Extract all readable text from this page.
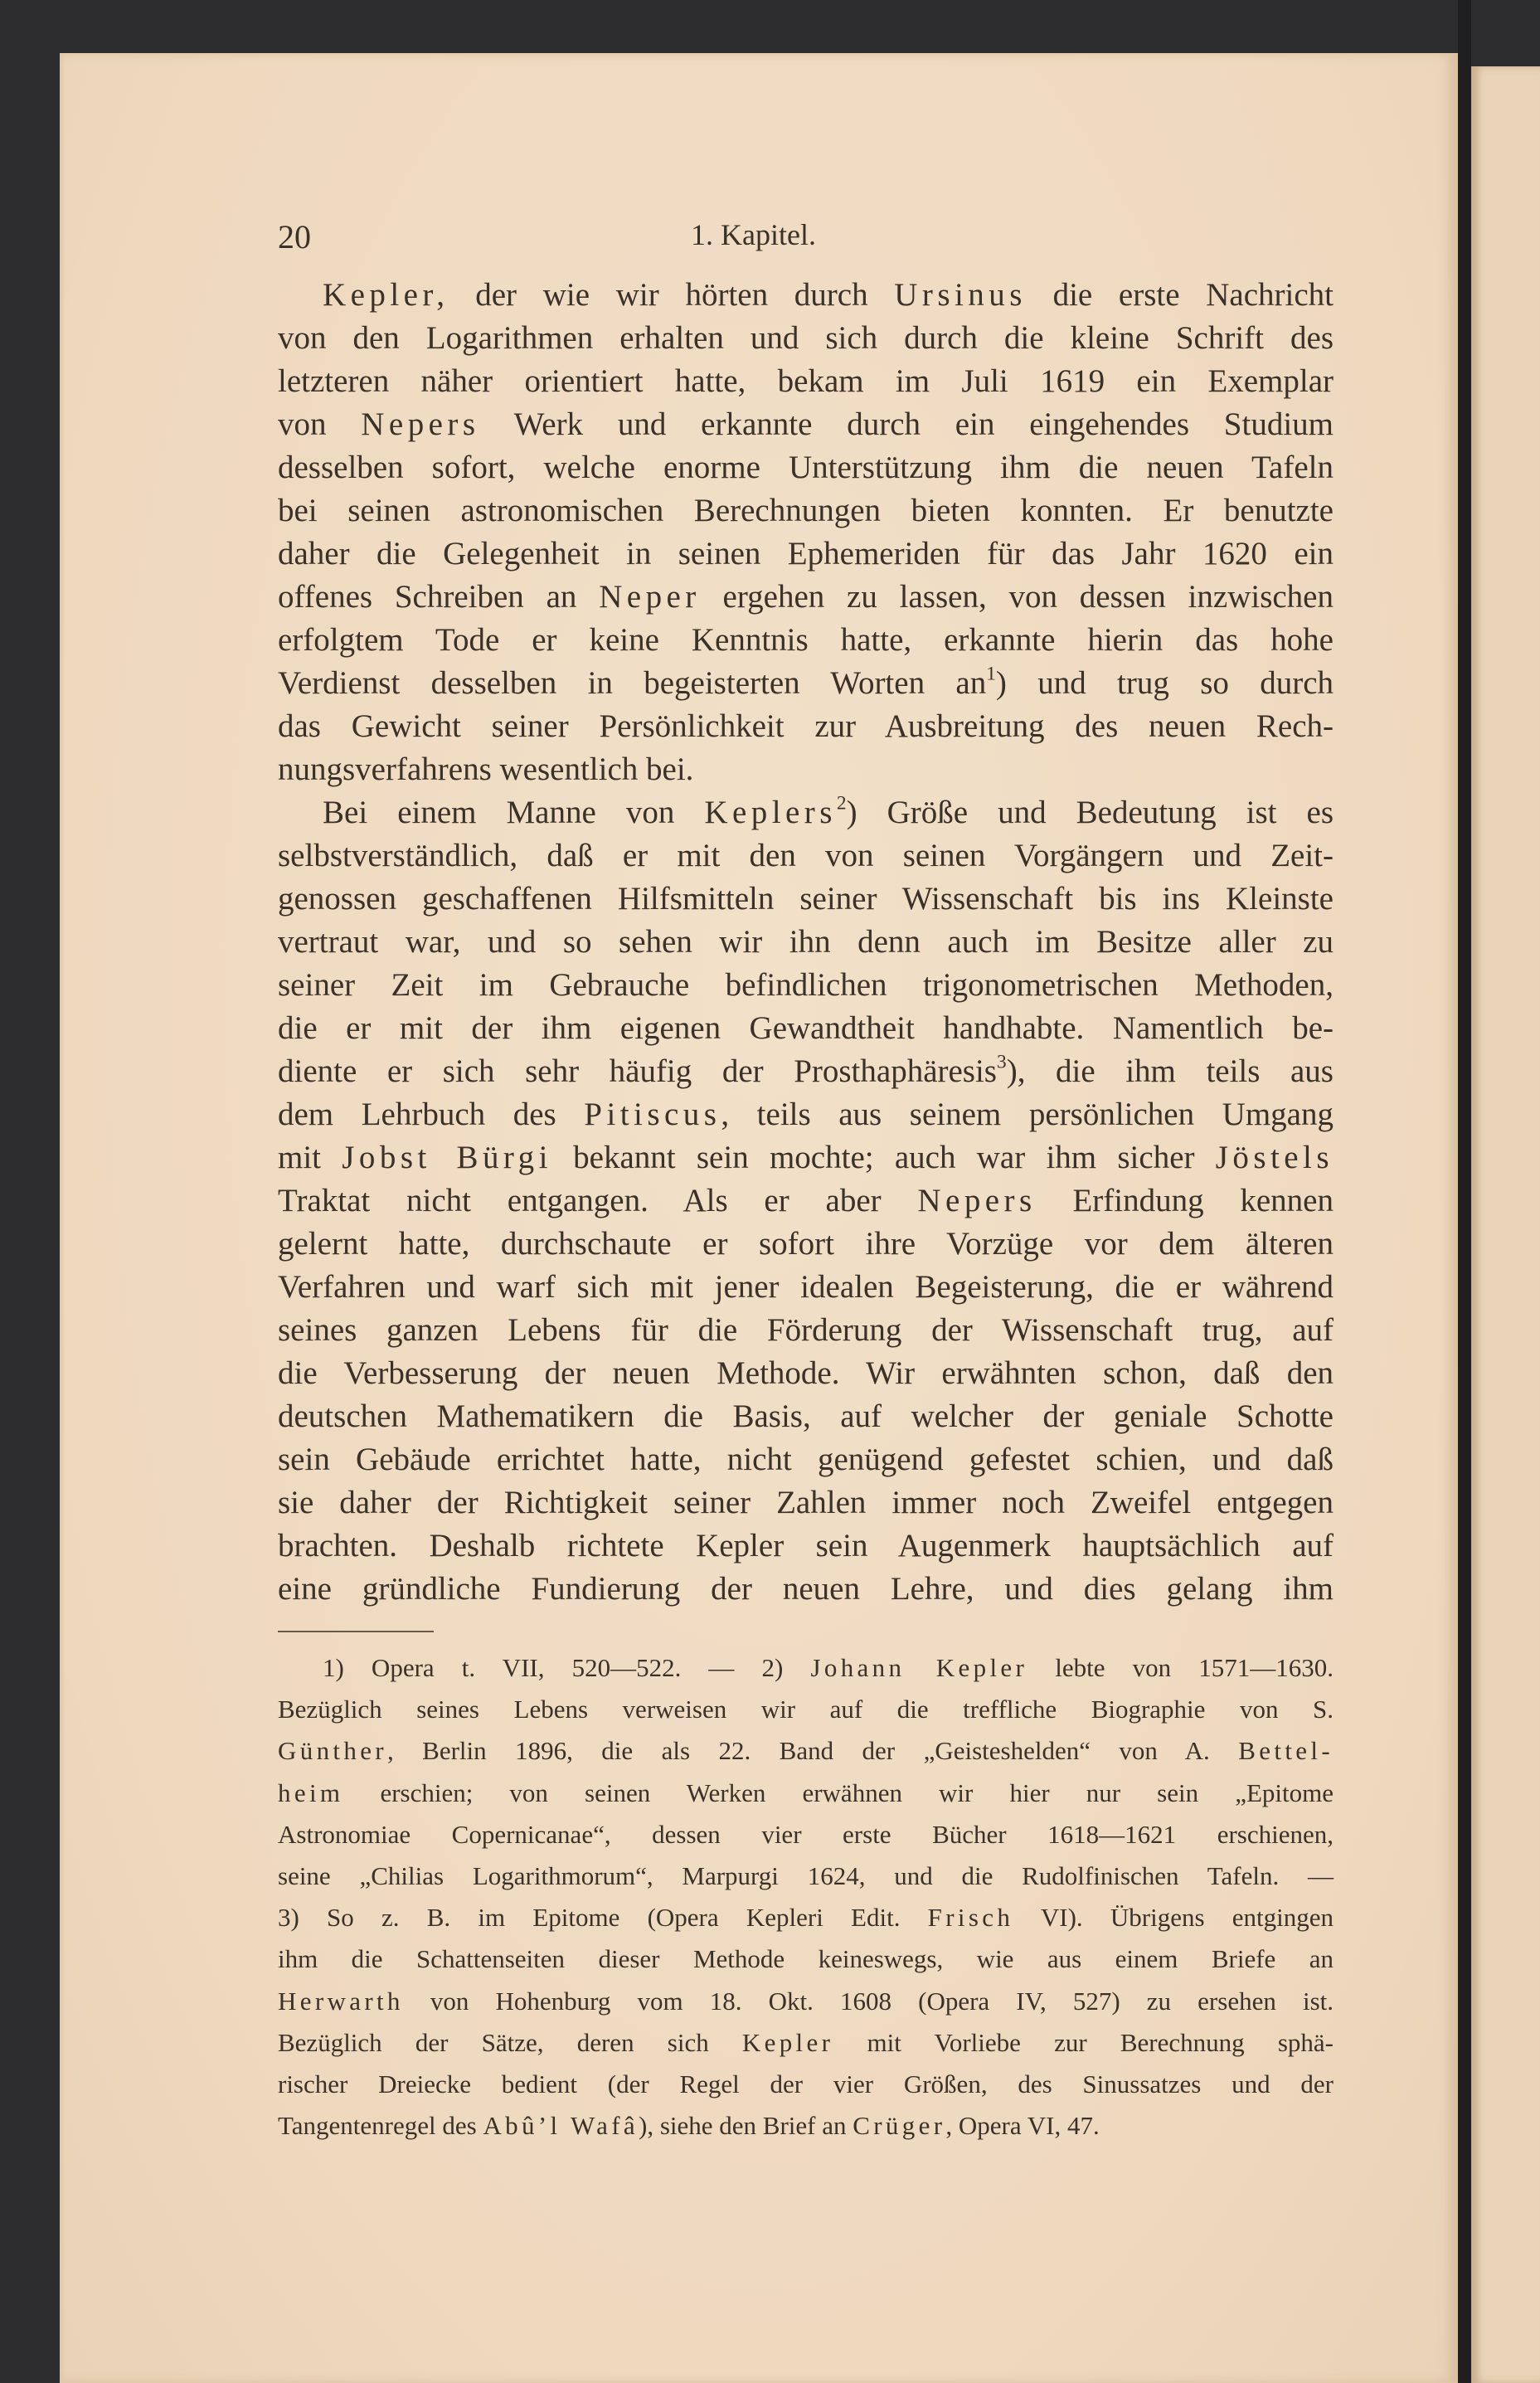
20	1. Kapitel.
Kepler, der wie wir hörten durch Ursinus die erste Nachricht
von den Logarithmen erhalten und sich durch die kleine Schrift des
letzteren näher orientiert hatte, bekam im Juli 1619 ein Exemplar
von Nepers Werk und erkannte durch ein eingehendes Studium
desselben sofort, welche enorme Unterstützung ihm die neuen Tafeln
bei seinen astronomischen Berechnungen bieten konnten. Er benutzte
daher die Gelegenheit in seinen Ephemeriden für das Jahr 1620 ein
offenes Schreiben an Neper ergehen zu lassen, von dessen inzwischen
erfolgtem Tode er keine Kenntnis hatte, erkannte hierin das hohe
Verdienst desselben in begeisterten Worten $an^1$) und trug so durch
das Gewicht seiner Persönlichkeit zur Ausbreitung des neuen Rech-
nungsverfahrens wesentlich bei.
Bei einem Manne von Keplers$^2$) Größe und Bedeutung ist es
selbstverständlich, daß er mit den von seinen Vorgängern und Zeit-
genossen geschaffenen Hilfsmitteln seiner Wissenschaft bis ins Kleinste
vertraut war, und so sehen wir ihn denn auch im Besitze aller zu
seiner Zeit im Gebrauche befindlichen trigonometrischen Methoden,
die er mit der ihm eigenen Gewandtheit handhabte. Namentlich be-
diente er sich sehr häufig der Prosthaphäresis$^3$), die ihm teils aus
dem Lehrbuch des Pitiscus, teils aus seinem persönlichen Umgang
mit Jobst Bürgi bekannt sein mochte; auch war ihm sicher Jöstels
Traktat nicht entgangen. Als er aber Nepers Erfindung kennen
gelernt hatte, durchschaute er sofort ihre Vorzüge vor dem älteren
Verfahren und warf sich mit jener idealen Begeisterung, die er während
seines ganzen Lebens für die Förderung der Wissenschaft trug, auf
die Verbesserung der neuen Methode. Wir erwähnten schon, daß den
deutschen Mathematikern die Basis, auf welcher der geniale Schotte
sein Gebäude errichtet hatte, nicht genügend gefestet schien, und daß
sie daher der Richtigkeit seiner Zahlen immer noch Zweifel entgegen
brachten. Deshalb richtete Kepler sein Augenmerk hauptsächlich auf
eine gründliche Fundierung der neuen Lehre, und dies gelang ihm
1) Opera t. VII, 520—522. — 2) Johann Kepler lebte von 1571—1630.
Bezüglich seines Lebens verweisen wir auf die treffliche Biographie von S.
Günther, Berlin 1896, die als 22. Band der „Geisteshelden“ von A. Bettel-
heim erschien; von seinen Werken erwähnen wir hier nur sein „Epitome
Astronomiae Copernicanae“, dessen vier erste Bücher 1618—1621 erschienen,
seine „Chilias Logarithmorum“, Marpurgi 1624, und die Rudolfinischen Tafeln. —
3) So z. B. im Epitome (Opera Kepleri Edit. Frisch VI). Übrigens entgingen
ihm die Schattenseiten dieser Methode keineswegs, wie aus einem Briefe an
Herwarth von Hohenburg vom 18. Okt. 1608 (Opera IV, 527) zu ersehen ist.
Bezüglich der Sätze, deren sich Kepler mit Vorliebe zur Berechnung sphä-
rischer Dreiecke bedient (der Regel der vier Größen, des Sinussatzes und der
Tangentenregel des Abû’l Wafâ), siehe den Brief an Crüger, Opera VI, 47.
